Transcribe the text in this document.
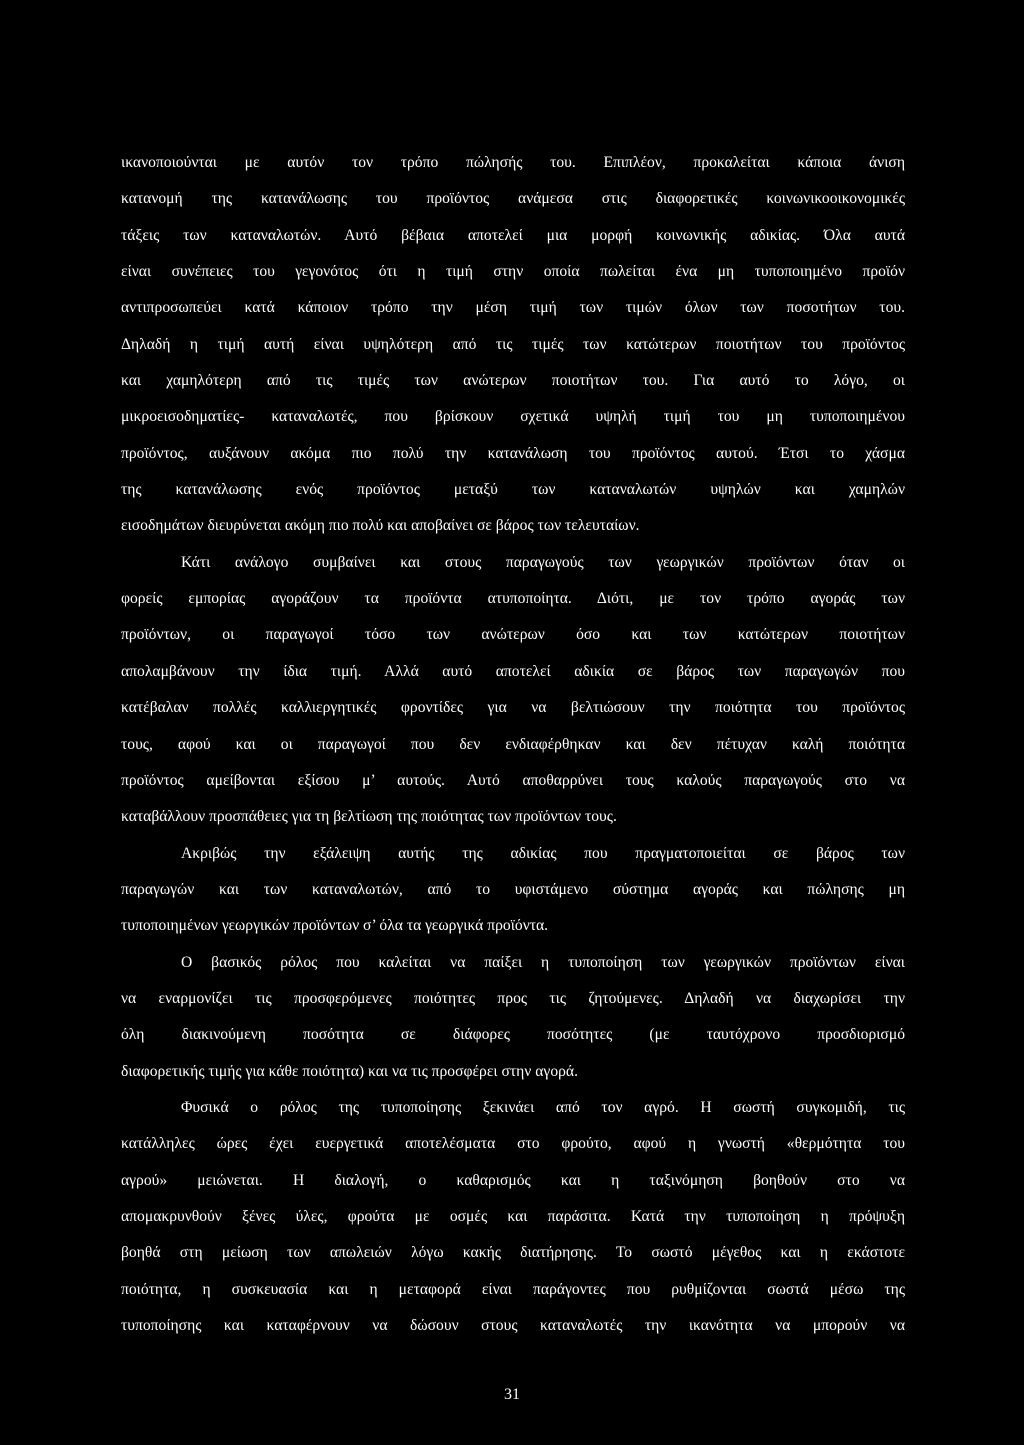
ικανοποιούνται με αυτόν τον τρόπο πώλησής του. Επιπλέον, προκαλείται κάποια άνιση
κατανομή της κατανάλωσης του προϊόντος ανάμεσα στις διαφορετικές κοινωνικοοικονομικές
τάξεις των καταναλωτών. Αυτό βέβαια αποτελεί μια μορφή κοινωνικής αδικίας. Όλα αυτά
είναι συνέπειες του γεγονότος ότι η τιμή στην οποία πωλείται ένα μη τυποποιημένο προϊόν
αντιπροσωπεύει κατά κάποιον τρόπο την μέση τιμή των τιμών όλων των ποσοτήτων του.
Δηλαδή η τιμή αυτή είναι υψηλότερη από τις τιμές των κατώτερων ποιοτήτων του προϊόντος
και χαμηλότερη από τις τιμές των ανώτερων ποιοτήτων του. Για αυτό το λόγο, οι
μικροεισοδηματίες- καταναλωτές, που βρίσκουν σχετικά υψηλή τιμή του μη τυποποιημένου
προϊόντος, αυξάνουν ακόμα πιο πολύ την κατανάλωση του προϊόντος αυτού. Έτσι το χάσμα
της κατανάλωσης ενός προϊόντος μεταξύ των καταναλωτών υψηλών και χαμηλών
εισοδημάτων διευρύνεται ακόμη πιο πολύ και αποβαίνει σε βάρος των τελευταίων.
Κάτι ανάλογο συμβαίνει και στους παραγωγούς των γεωργικών προϊόντων όταν οι
φορείς εμπορίας αγοράζουν τα προϊόντα ατυποποίητα. Διότι, με τον τρόπο αγοράς των
προϊόντων, οι παραγωγοί τόσο των ανώτερων όσο και των κατώτερων ποιοτήτων
απολαμβάνουν την ίδια τιμή. Αλλά αυτό αποτελεί αδικία σε βάρος των παραγωγών που
κατέβαλαν πολλές καλλιεργητικές φροντίδες για να βελτιώσουν την ποιότητα του προϊόντος
τους, αφού και οι παραγωγοί που δεν ενδιαφέρθηκαν και δεν πέτυχαν καλή ποιότητα
προϊόντος αμείβονται εξίσου μ’ αυτούς. Αυτό αποθαρρύνει τους καλούς παραγωγούς στο να
καταβάλλουν προσπάθειες για τη βελτίωση της ποιότητας των προϊόντων τους.
Ακριβώς την εξάλειψη αυτής της αδικίας που πραγματοποιείται σε βάρος των
παραγωγών και των καταναλωτών, από το υφιστάμενο σύστημα αγοράς και πώλησης μη
τυποποιημένων γεωργικών προϊόντων σ’ όλα τα γεωργικά προϊόντα.
Ο βασικός ρόλος που καλείται να παίξει η τυποποίηση των γεωργικών προϊόντων είναι
να εναρμονίζει τις προσφερόμενες ποιότητες προς τις ζητούμενες. Δηλαδή να διαχωρίσει την
όλη διακινούμενη ποσότητα σε διάφορες ποσότητες (με ταυτόχρονο προσδιορισμό
διαφορετικής τιμής για κάθε ποιότητα) και να τις προσφέρει στην αγορά.
Φυσικά ο ρόλος της τυποποίησης ξεκινάει από τον αγρό. Η σωστή συγκομιδή, τις
κατάλληλες ώρες έχει ευεργετικά αποτελέσματα στο φρούτο, αφού η γνωστή «θερμότητα του
αγρού» μειώνεται. Η διαλογή, ο καθαρισμός και η ταξινόμηση βοηθούν στο να
απομακρυνθούν ξένες ύλες, φρούτα με οσμές και παράσιτα. Κατά την τυποποίηση η πρόψυξη
βοηθά στη μείωση των απωλειών λόγω κακής διατήρησης. Το σωστό μέγεθος και η εκάστοτε
ποιότητα, η συσκευασία και η μεταφορά είναι παράγοντες που ρυθμίζονται σωστά μέσω της
τυποποίησης και καταφέρνουν να δώσουν στους καταναλωτές την ικανότητα να μπορούν να
31
